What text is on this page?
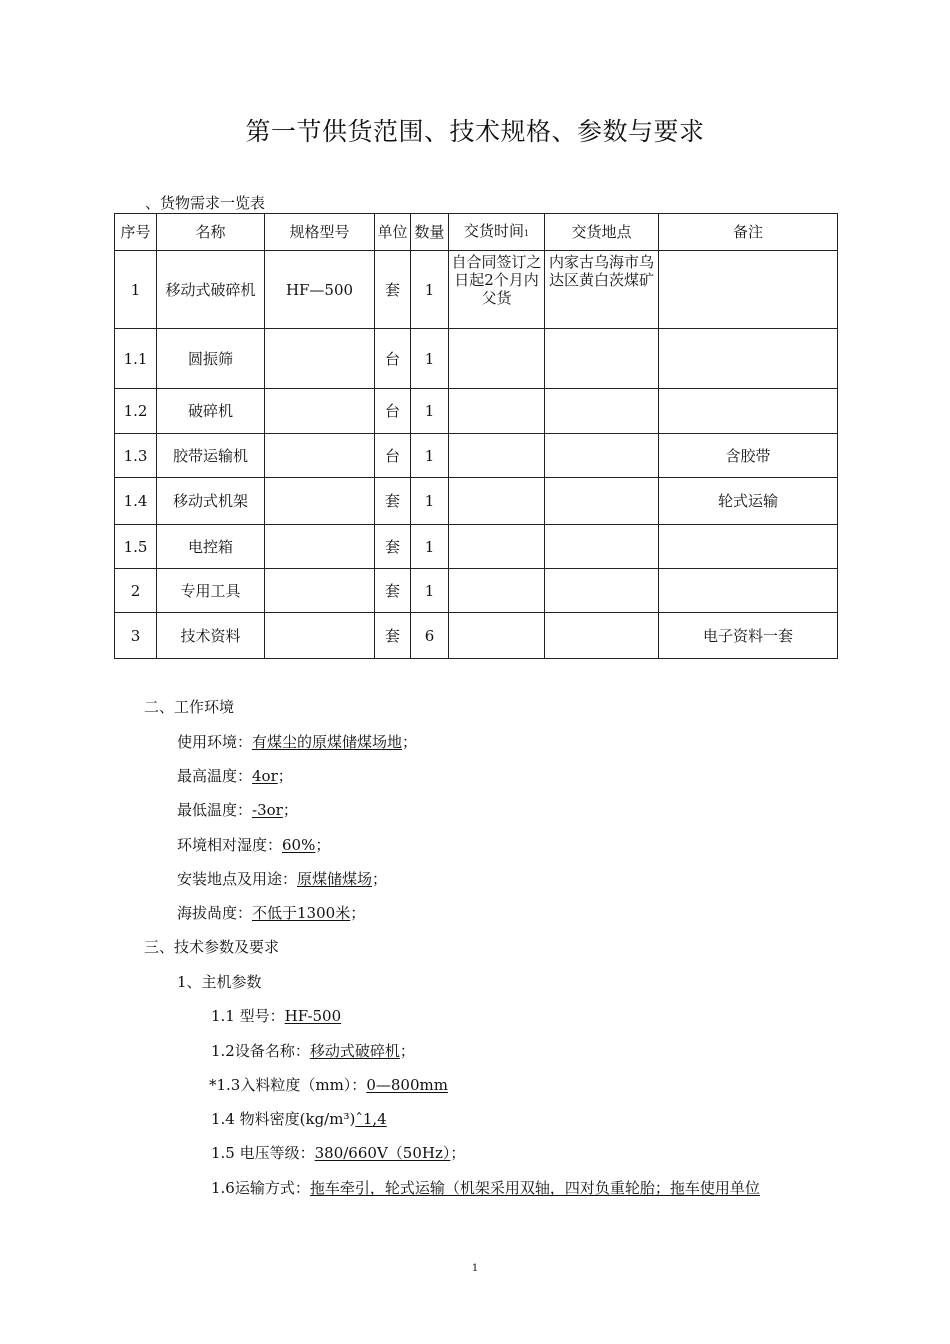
第一节供货范围、技术规格、参数与要求
、货物需求一览表
序号	名称	规格型号	单位	数量	交货时间1	交货地点	备注
1	移动式破碎机	HF—500	套	1	自合同签订之日起2个月内父货	内家古乌海市乌达区黄白茨煤矿	
1.1	圆振筛		台	1			
1.2	破碎机		台	1			
1.3	胶带运输机		台	1			含胶带
1.4	移动式机架		套	1			轮式运输
1.5	电控箱		套	1			
2	专用工具		套	1			
3	技术资料		套	6			电子资料一套
二、工作环境
使用环境：有煤尘的原煤储煤场地；
最高温度：4or；
最低温度：-3or；
环境相对湿度：60%；
安装地点及用途：原煤储煤场；
海拔咼度：不低于1300米；
三、技术参数及要求
1、主机参数
1.1 型号：HF-500
1.2设备名称：移动式破碎机；
*1.3入料粒度（mm）：0—800mm
1.4 物料密度(kg/m³)ˆ1,4
1.5 电压等级：380/660V（50Hz）；
1.6运输方式：拖车牵引，轮式运输（机架采用双轴，四对负重轮胎；拖车使用单位
1
